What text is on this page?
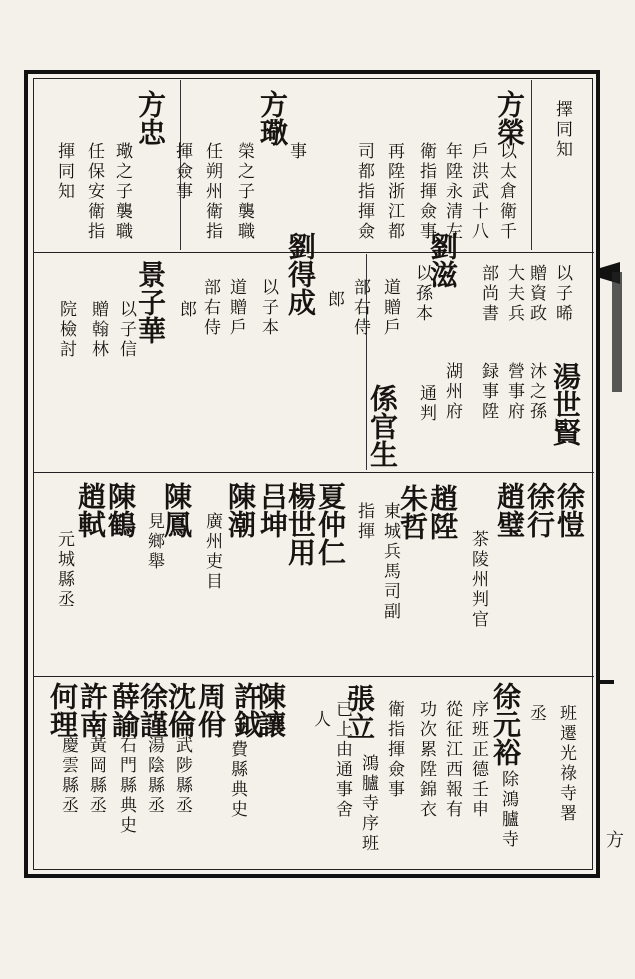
方
擇同知
以子晞
湯世賢
徐愷
班遷光祿寺署
贈資政
沐之孫
徐行
丞
大夫兵
營事府
趙璧
徐元裕
除鴻臚寺
部尚書
録事陞
茶陵州判官
序班正德壬申
湖州府
從征江西報有
通判
趙陞
功次累陞錦衣
以孫本
係官生
朱哲
衛指揮僉事
劉滋
東城兵馬司副
張立
鴻臚寺序班
道贈戶
指揮
已上由通事舍
部右侍
夏仲仁
人
郎
楊世用
陳讓
劉得成
吕坤
許鉞
費縣典史
方榮
以子本
陳潮
周佾
以太倉衛千
道贈戶
廣州吏目
沈倫
武陟縣丞
戶洪武十八
部右侍
陳鳳
徐謹
湯陰縣丞
年陞永清左
郎
見鄉舉
薛諭
石門縣典史
衛指揮僉事
景子華
陳鶴
許南
黃岡縣丞
再陞浙江都
以子信
趙軾
何理
慶雲縣丞
司都指揮僉
贈翰林
元城縣丞
事
院檢討
方璥
榮之子襲職
任朔州衛指
揮僉事
方忠
璥之子襲職
任保安衛指
揮同知
